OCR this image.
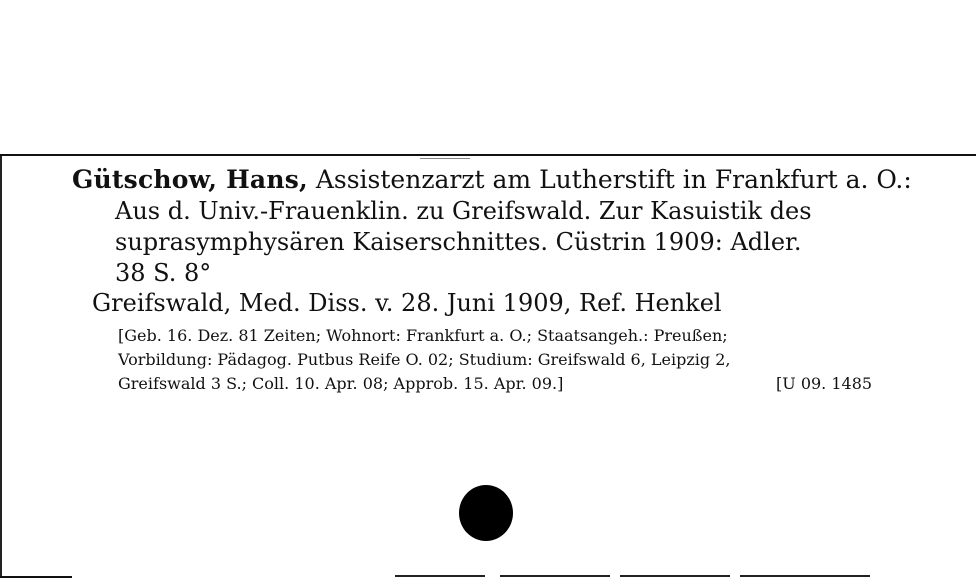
Gütschow, Hans, Assistenzarzt am Lutherstift in Frankfurt a. O.:
Aus d. Univ.-Frauenklin. zu Greifswald. Zur Kasuistik des
suprasymphysären Kaiserschnittes. Cüstrin 1909: Adler.
38 S. 8°
Greifswald, Med. Diss. v. 28. Juni 1909, Ref. Henkel
[Geb. 16. Dez. 81 Zeiten; Wohnort: Frankfurt a. O.; Staatsangeh.: Preußen;
Vorbildung: Pädagog. Putbus Reife O. 02; Studium: Greifswald 6, Leipzig 2,
Greifswald 3 S.; Coll. 10. Apr. 08; Approb. 15. Apr. 09.]	[U 09. 1485
